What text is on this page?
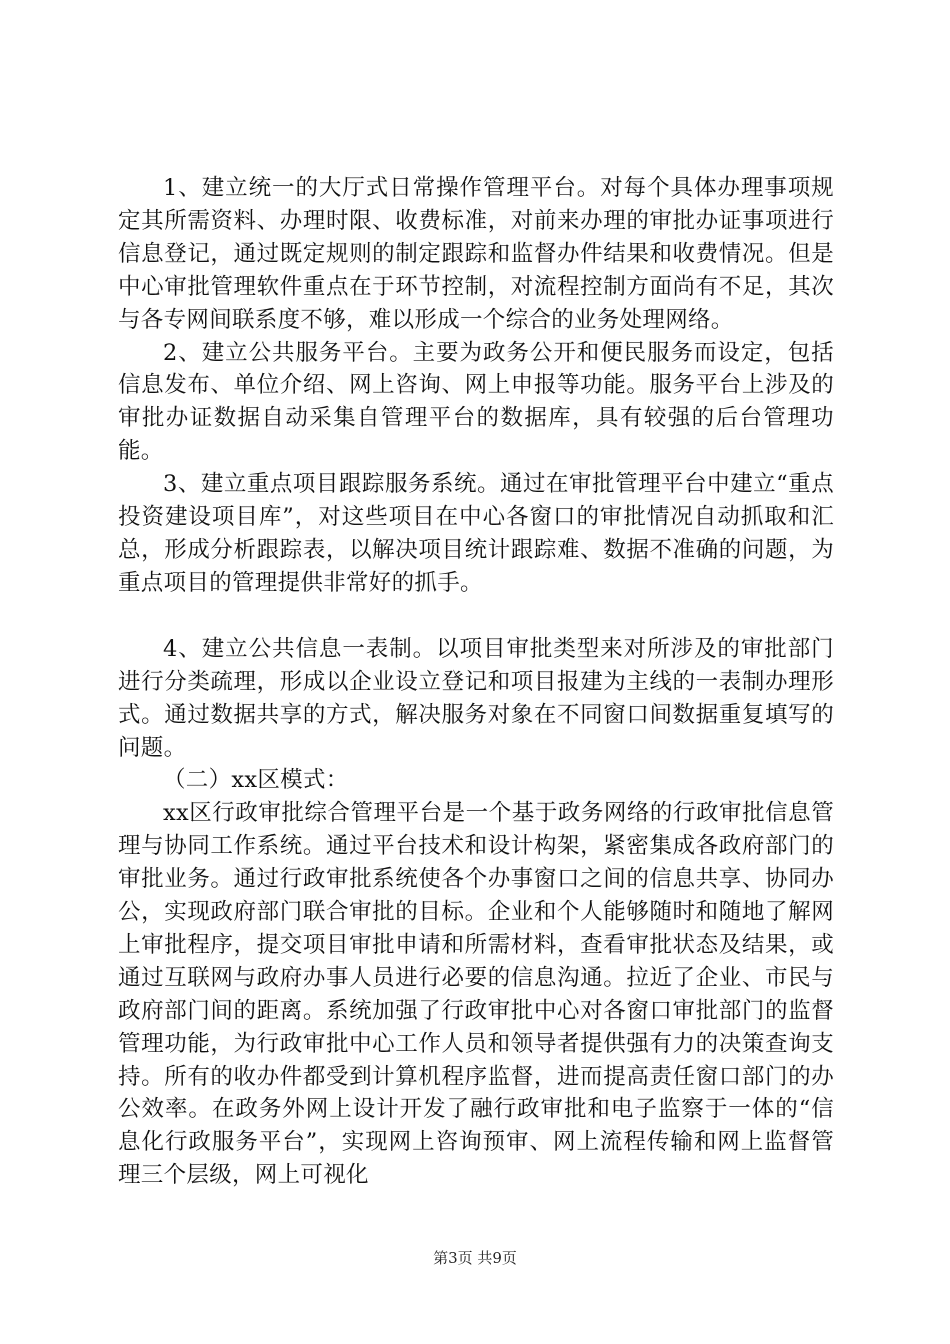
1、建立统一的大厅式日常操作管理平台。对每个具体办理事项规定其所需资料、办理时限、收费标准，对前来办理的审批办证事项进行信息登记，通过既定规则的制定跟踪和监督办件结果和收费情况。但是中心审批管理软件重点在于环节控制，对流程控制方面尚有不足，其次与各专网间联系度不够，难以形成一个综合的业务处理网络。

2、建立公共服务平台。主要为政务公开和便民服务而设定，包括信息发布、单位介绍、网上咨询、网上申报等功能。服务平台上涉及的审批办证数据自动采集自管理平台的数据库，具有较强的后台管理功能。

3、建立重点项目跟踪服务系统。通过在审批管理平台中建立“重点投资建设项目库”，对这些项目在中心各窗口的审批情况自动抓取和汇总，形成分析跟踪表，以解决项目统计跟踪难、数据不准确的问题，为重点项目的管理提供非常好的抓手。

4、建立公共信息一表制。以项目审批类型来对所涉及的审批部门进行分类疏理，形成以企业设立登记和项目报建为主线的一表制办理形式。通过数据共享的方式，解决服务对象在不同窗口间数据重复填写的问题。

（二）xx区模式：

xx区行政审批综合管理平台是一个基于政务网络的行政审批信息管理与协同工作系统。通过平台技术和设计构架，紧密集成各政府部门的审批业务。通过行政审批系统使各个办事窗口之间的信息共享、协同办公，实现政府部门联合审批的目标。企业和个人能够随时和随地了解网上审批程序，提交项目审批申请和所需材料，查看审批状态及结果，或通过互联网与政府办事人员进行必要的信息沟通。拉近了企业、市民与政府部门间的距离。系统加强了行政审批中心对各窗口审批部门的监督管理功能，为行政审批中心工作人员和领导者提供强有力的决策查询支持。所有的收办件都受到计算机程序监督，进而提高责任窗口部门的办公效率。在政务外网上设计开发了融行政审批和电子监察于一体的“信息化行政服务平台”，实现网上咨询预审、网上流程传输和网上监督管理三个层级，网上可视化

第3页 共9页
